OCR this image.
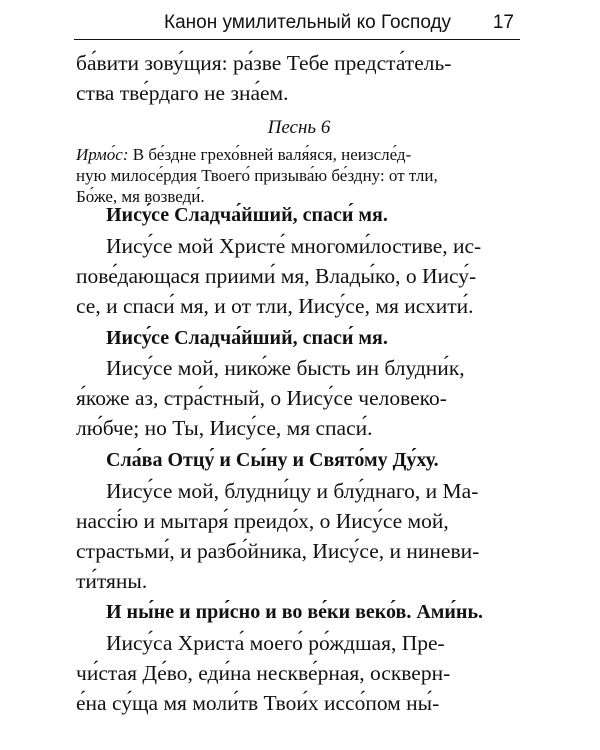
Канон умилительный ко Господу 17
ба́вити зову́щия: ра́зве Тебе предста́тель-
ства тве́рдаго не зна́ем.
Песнь 6
Ирмо́с: В бе́здне грехо́вней валя́яся, неизсле́д-
ную милосе́рдия Твоего́ призыва́ю бе́здну: от тли,
Бо́же, мя возведи́.
Иису́се Сладча́йший, спаси́ мя.
Иису́се мой Христе́ многоми́лостиве, ис-
пове́дающася приими́ мя, Влады́ко, о Иису́-
се, и спаси́ мя, и от тли, Иису́се, мя исхити́.
Иису́се Сладча́йший, спаси́ мя.
Иису́се мой, нико́же бысть ин блудни́к,
я́коже аз, стра́стный, о Иису́се человеко-
лю́бче; но Ты, Иису́се, мя спаси́.
Сла́ва Отцу́ и Сы́ну и Свято́му Ду́ху.
Иису́се мой, блудни́цу и блу́днаго, и Ма-
нассі́ю и мытаря́ преидо́х, о Иису́се мой,
страстьми́, и разбо́йника, Иису́се, и ниневи-
ти́тяны.
И ны́не и при́сно и во ве́ки веко́в. Ами́нь.
Иису́са Христа́ моего́ ро́ждшая, Пре-
чи́стая Де́во, еди́на нескве́рная, оскверн-
е́на су́ща мя моли́тв Твои́х иссо́пом ны́-
